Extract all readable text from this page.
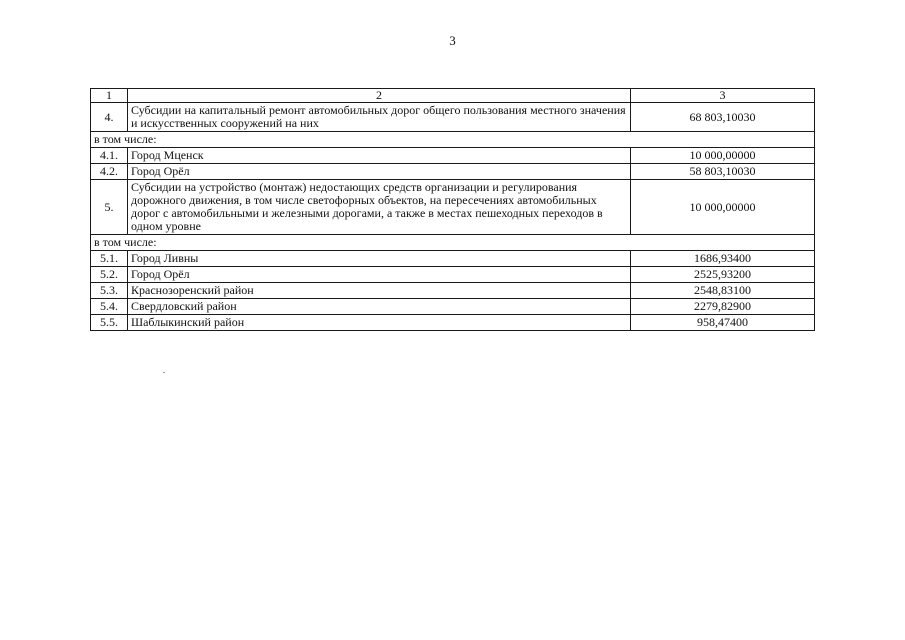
3
1	2	3
4.	Субсидии на капитальный ремонт автомобильных дорог общего пользования местного значения и искусственных сооружений на них	68 803,10030
в том числе:		
4.1.	Город Мценск	10 000,00000
4.2.	Город Орёл	58 803,10030
5.	Субсидии на устройство (монтаж) недостающих средств организации и регулирования дорожного движения, в том числе светофорных объектов, на пересечениях автомобильных дорог с автомобильными и железными дорогами, а также в местах пешеходных переходов в одном уровне	10 000,00000
в том числе:		
5.1.	Город Ливны	1686,93400
5.2.	Город Орёл	2525,93200
5.3.	Краснозоренский район	2548,83100
5.4.	Свердловский район	2279,82900
5.5.	Шаблыкинский район	958,47400
